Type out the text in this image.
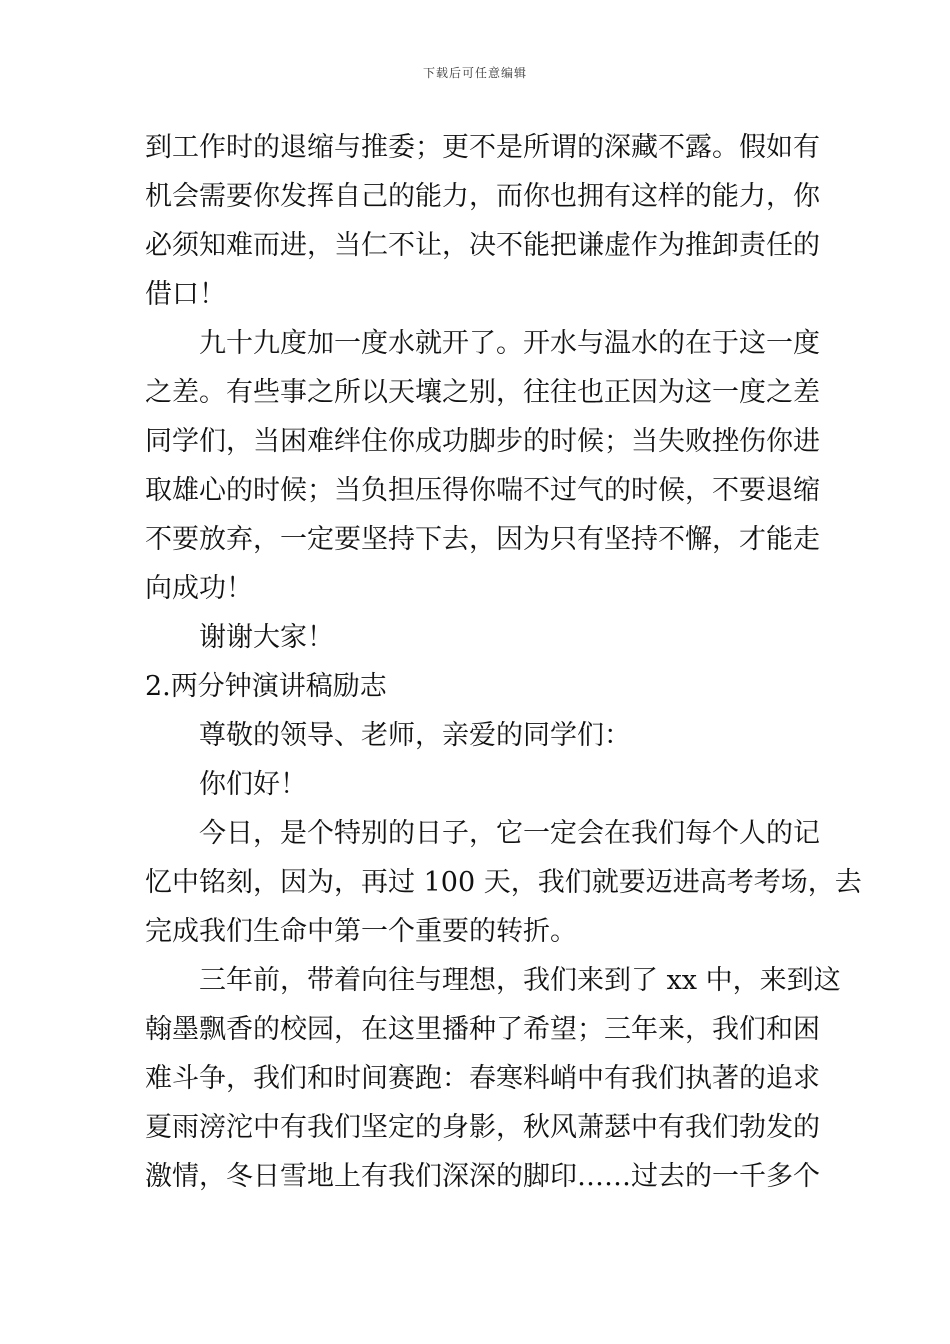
下载后可任意编辑
到工作时的退缩与推委；更不是所谓的深藏不露。假如有
机会需要你发挥自己的能力，而你也拥有这样的能力，你
必须知难而进，当仁不让，决不能把谦虚作为推卸责任的
借口！
九十九度加一度水就开了。开水与温水的在于这一度
之差。有些事之所以天壤之别，往往也正因为这一度之差
同学们，当困难绊住你成功脚步的时候；当失败挫伤你进
取雄心的时候；当负担压得你喘不过气的时候，不要退缩
不要放弃，一定要坚持下去，因为只有坚持不懈，才能走
向成功！
谢谢大家！
2.两分钟演讲稿励志
尊敬的领导、老师，亲爱的同学们：
你们好！
今日，是个特别的日子，它一定会在我们每个人的记
忆中铭刻，因为，再过 100 天，我们就要迈进高考考场，去
完成我们生命中第一个重要的转折。
三年前，带着向往与理想，我们来到了 xx 中，来到这
翰墨飘香的校园，在这里播种了希望；三年来，我们和困
难斗争，我们和时间赛跑：春寒料峭中有我们执著的追求
夏雨滂沱中有我们坚定的身影，秋风萧瑟中有我们勃发的
激情，冬日雪地上有我们深深的脚印……过去的一千多个
